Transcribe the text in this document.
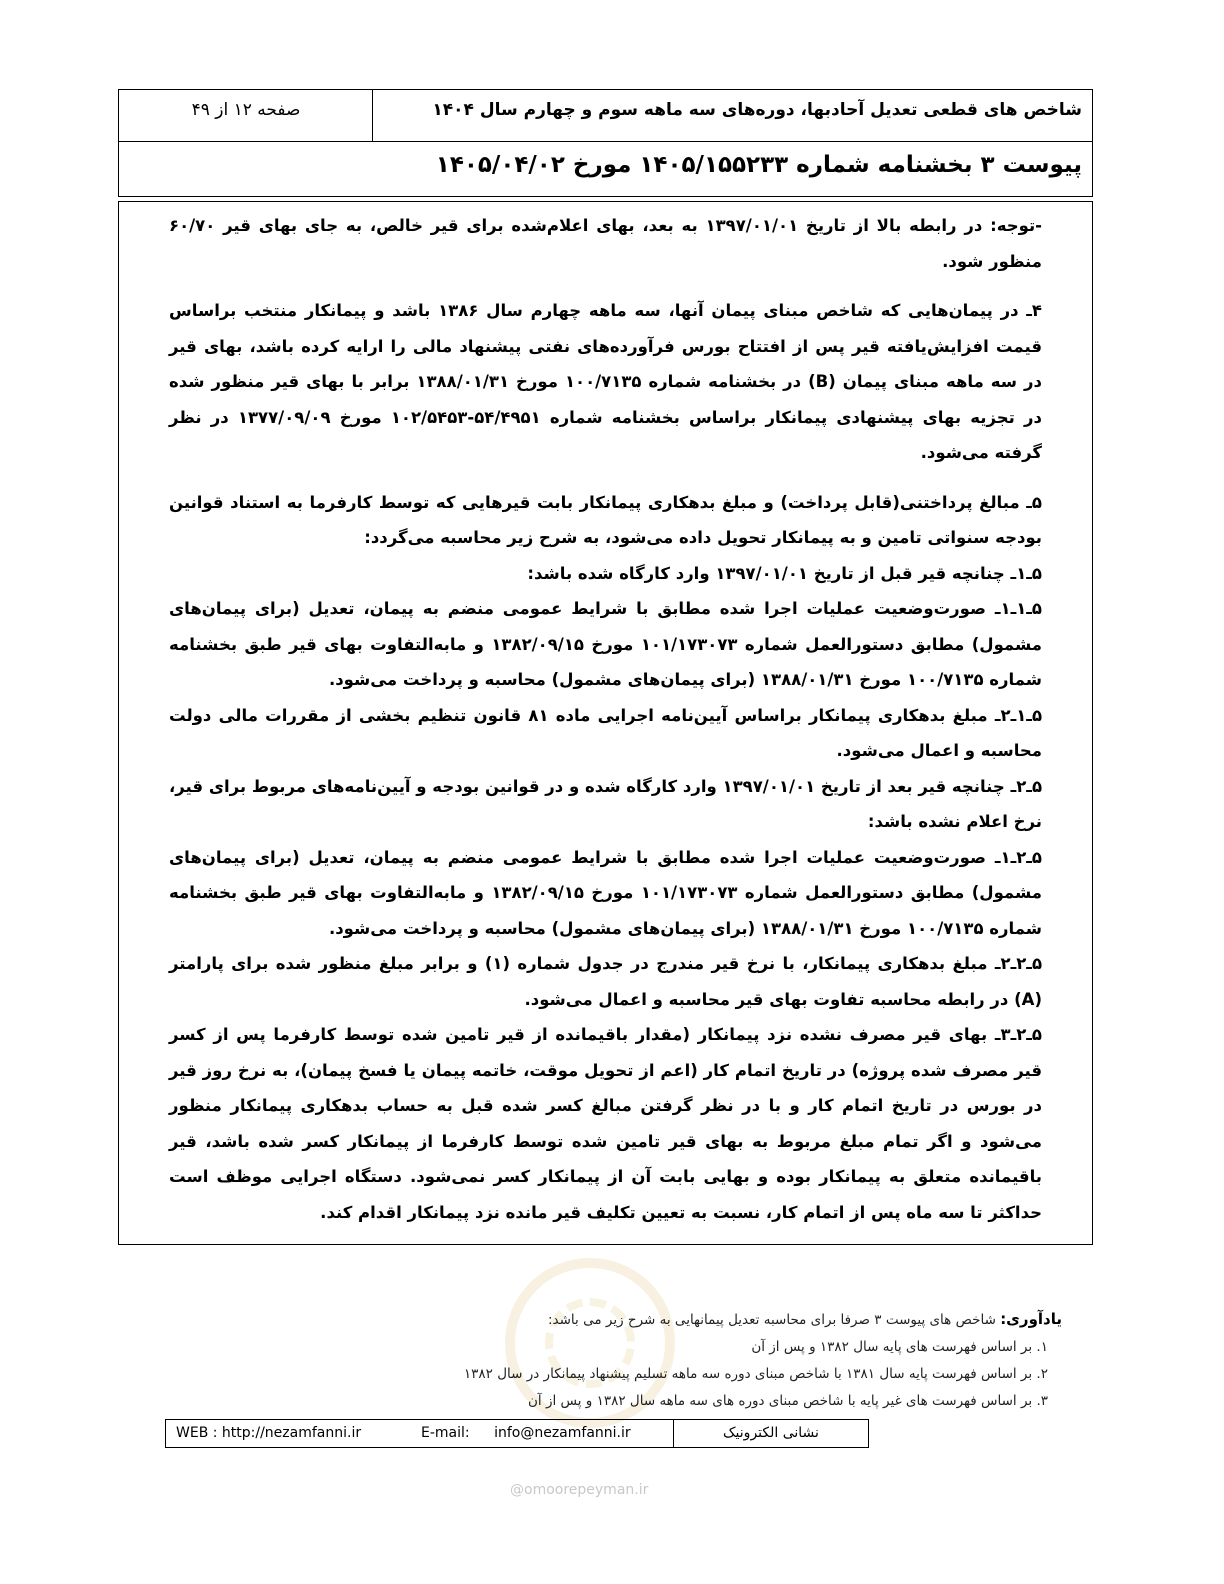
شاخص های قطعی تعدیل آحادبها، دوره‌های سه ماهه سوم و چهارم سال ۱۴۰۴
صفحه ۱۲ از ۴۹
پیوست ۳ بخشنامه شماره ۱۴۰۵/۱۵۵۲۳۳ مورخ ۱۴۰۵/۰۴/۰۲

-توجه: در رابطه بالا از تاریخ ۱۳۹۷/۰۱/۰۱ به بعد، بهای اعلام‌شده برای قیر خالص، به جای بهای قیر ۶۰/۷۰ منظور شود.

۴ـ در پیمان‌هایی که شاخص مبنای پیمان آنها، سه ماهه چهارم سال ۱۳۸۶ باشد و پیمانکار منتخب براساس قیمت افزایش‌یافته قیر پس از افتتاح بورس فرآورده‌های نفتی پیشنهاد مالی را ارایه کرده باشد، بهای قیر در سه ماهه مبنای پیمان (B) در بخشنامه شماره ۱۰۰/۷۱۳۵ مورخ ۱۳۸۸/۰۱/۳۱ برابر با بهای قیر منظور شده در تجزیه بهای پیشنهادی پیمانکار براساس بخشنامه شماره ۵۴/۴۹۵۱-۱۰۲/۵۴۵۳ مورخ ۱۳۷۷/۰۹/۰۹ در نظر گرفته می‌شود.

۵ـ مبالغ پرداختنی(قابل پرداخت) و مبلغ بدهکاری پیمانکار بابت قیرهایی که توسط کارفرما به استناد قوانین بودجه سنواتی تامین و به پیمانکار تحویل داده می‌شود، به شرح زیر محاسبه می‌گردد:

۵ـ۱ـ چنانچه قیر قبل از تاریخ ۱۳۹۷/۰۱/۰۱ وارد کارگاه شده باشد:

۵ـ۱ـ۱ـ صورت‌وضعیت عملیات اجرا شده مطابق با شرایط عمومی منضم به پیمان، تعدیل (برای پیمان‌های مشمول) مطابق دستورالعمل شماره ۱۰۱/۱۷۳۰۷۳ مورخ ۱۳۸۲/۰۹/۱۵ و مابه‌التفاوت بهای قیر طبق بخشنامه شماره ۱۰۰/۷۱۳۵ مورخ ۱۳۸۸/۰۱/۳۱ (برای پیمان‌های مشمول) محاسبه و پرداخت می‌شود.

۵ـ۱ـ۲ـ مبلغ بدهکاری پیمانکار براساس آیین‌نامه اجرایی ماده ۸۱ قانون تنظیم بخشی از مقررات مالی دولت محاسبه و اعمال می‌شود.

۵ـ۲ـ چنانچه قیر بعد از تاریخ ۱۳۹۷/۰۱/۰۱ وارد کارگاه شده و در قوانین بودجه و آیین‌نامه‌های مربوط برای قیر، نرخ اعلام نشده باشد:

۵ـ۲ـ۱ـ صورت‌وضعیت عملیات اجرا شده مطابق با شرایط عمومی منضم به پیمان، تعدیل (برای پیمان‌های مشمول) مطابق دستورالعمل شماره ۱۰۱/۱۷۳۰۷۳ مورخ ۱۳۸۲/۰۹/۱۵ و مابه‌التفاوت بهای قیر طبق بخشنامه شماره ۱۰۰/۷۱۳۵ مورخ ۱۳۸۸/۰۱/۳۱ (برای پیمان‌های مشمول) محاسبه و پرداخت می‌شود.

۵ـ۲ـ۲ـ مبلغ بدهکاری پیمانکار، با نرخ قیر مندرج در جدول شماره (۱) و برابر مبلغ منظور شده برای پارامتر (A) در رابطه محاسبه تفاوت بهای قیر محاسبه و اعمال می‌شود.

۵ـ۲ـ۳ـ بهای قیر مصرف نشده نزد پیمانکار (مقدار باقیمانده از قیر تامین شده توسط کارفرما پس از کسر قیر مصرف شده پروژه) در تاریخ اتمام کار (اعم از تحویل موقت، خاتمه پیمان یا فسخ پیمان)، به نرخ روز قیر در بورس در تاریخ اتمام کار و با در نظر گرفتن مبالغ کسر شده قبل به حساب بدهکاری پیمانکار منظور می‌شود و اگر تمام مبلغ مربوط به بهای قیر تامین شده توسط کارفرما از پیمانکار کسر شده باشد، قیر باقیمانده متعلق به پیمانکار بوده و بهایی بابت آن از پیمانکار کسر نمی‌شود. دستگاه اجرایی موظف است حداکثر تا سه ماه پس از اتمام کار، نسبت به تعیین تکلیف قیر مانده نزد پیمانکار اقدام کند.

یادآوری: شاخص های پیوست ۳ صرفا برای محاسبه تعدیل پیمانهایی به شرح زیر می باشد:
۱. بر اساس فهرست های پایه سال ۱۳۸۲ و پس از آن
۲. بر اساس فهرست پایه سال ۱۳۸۱ با شاخص مبنای دوره سه ماهه تسلیم پیشنهاد پیمانکار در سال ۱۳۸۲
۳. بر اساس فهرست های غیر پایه با شاخص مبنای دوره های سه ماهه سال ۱۳۸۲ و پس از آن
WEB : http://nezamfanni.ir	E-mail: info@nezamfanni.ir	نشانی الکترونیک
@omoorepeyman.ir
